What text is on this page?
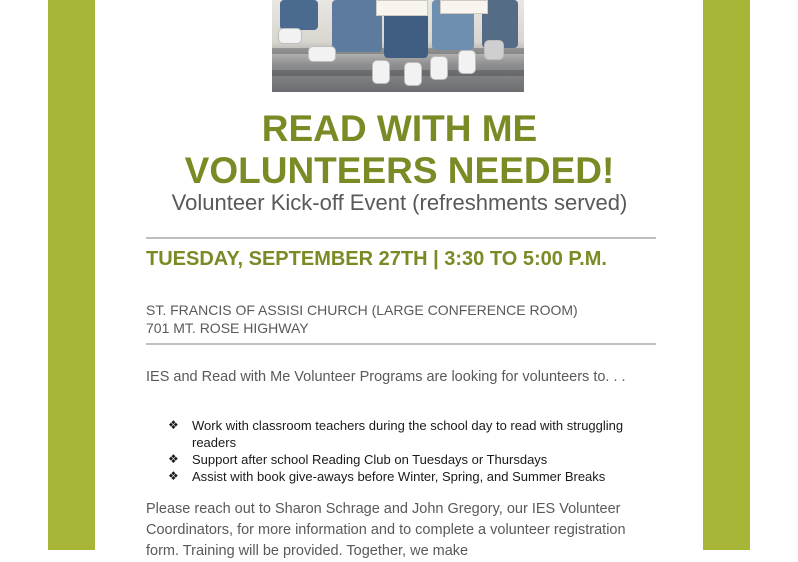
READ WITH ME
VOLUNTEERS NEEDED!

Volunteer Kick-off Event (refreshments served)

TUESDAY, SEPTEMBER 27TH | 3:30 TO 5:00 P.M.

ST. FRANCIS OF ASSISI CHURCH (LARGE CONFERENCE ROOM)
701 MT. ROSE HIGHWAY

IES and Read with Me Volunteer Programs are looking for volunteers to. . .

❖ Work with classroom teachers during the school day to read with struggling readers
❖ Support after school Reading Club on Tuesdays or Thursdays
❖ Assist with book give-aways before Winter, Spring, and Summer Breaks

Please reach out to Sharon Schrage and John Gregory, our IES Volunteer Coordinators, for more information and to complete a volunteer registration form. Training will be provided. Together, we make
